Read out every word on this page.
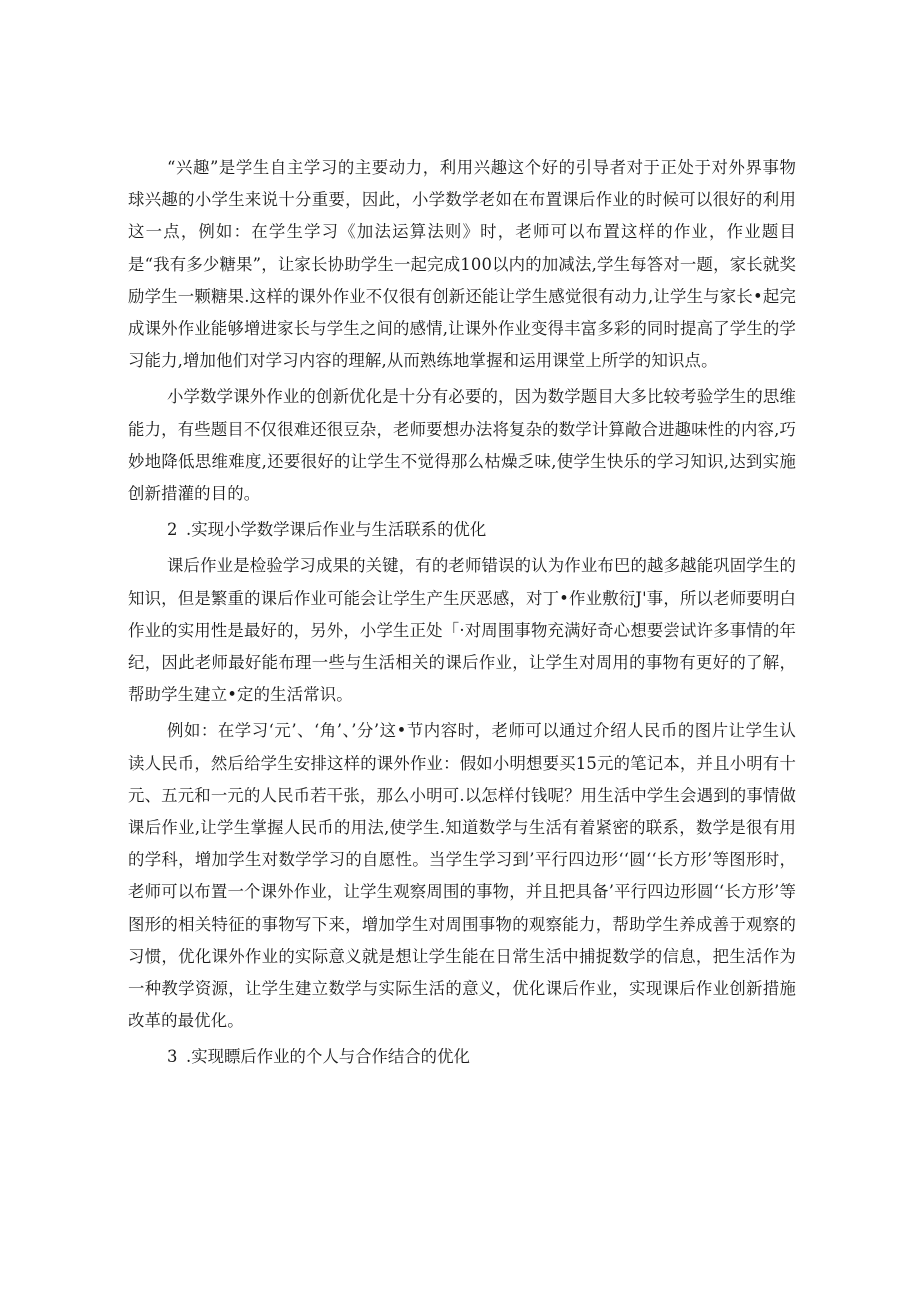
“兴趣”是学生自主学习的主要动力，利用兴趣这个好的引导者对于正处于对外界事物球兴趣的小学生来说十分重要，因此，小学数学老如在布置课后作业的时候可以很好的利用这一点，例如：在学生学习《加法运算法则》时，老师可以布置这样的作业，作业题目是“我有多少糖果”，让家长协助学生一起完成100以内的加减法,学生每答对一题，家长就奖励学生一颗糖果.这样的课外作业不仅很有创新还能让学生感觉很有动力,让学生与家长•起完成课外作业能够增进家长与学生之间的感情,让课外作业变得丰富多彩的同时提高了学生的学习能力,增加他们对学习内容的理解,从而熟练地掌握和运用课堂上所学的知识点。

小学数学课外作业的创新优化是十分有必要的，因为数学题目大多比较考验学生的思维能力，有些题目不仅很难还很豆杂，老师要想办法将复杂的数学计算敞合进趣味性的内容,巧妙地降低思维难度,还要很好的让学生不觉得那么枯燥乏味,使学生快乐的学习知识,达到实施创新措灌的目的。

2 .实现小学数学课后作业与生活联系的优化

课后作业是检验学习成果的关键，有的老师错误的认为作业布巴的越多越能巩固学生的知识，但是繁重的课后作业可能会让学生产生厌恶感，对丁•作业敷衍J'事，所以老师要明白作业的实用性是最好的，另外，小学生正处「·对周围事物充满好奇心想要尝试许多事情的年纪，因此老师最好能布理一些与生活相关的课后作业，让学生对周用的事物有更好的了解，帮助学生建立•定的生活常识。

例如：在学习‘元’、‘角’、’分’这•节内容时，老师可以通过介绍人民币的图片让学生认读人民币，然后给学生安排这样的课外作业：假如小明想要买15元的笔记本，并且小明有十元、五元和一元的人民币若干张，那么小明可.以怎样付钱呢？用生活中学生会遇到的事情做课后作业,让学生掌握人民币的用法,使学生.知道数学与生活有着紧密的联系，数学是很有用的学科，增加学生对数学学习的自愿性。当学生学习到’平行四边形‘‘圆‘‘长方形’等图形时，老师可以布置一个课外作业，让学生观察周围的事物，并且把具备’平行四边形圆‘‘长方形’等图形的相关特征的事物写下来，增加学生对周围事物的观察能力，帮助学生养成善于观察的习惯，优化课外作业的实际意义就是想让学生能在日常生活中捕捉数学的信息，把生活作为一种教学资源，让学生建立数学与实际生活的意义，优化课后作业，实现课后作业创新措施改革的最优化。

3 .实现瞟后作业的个人与合作结合的优化
